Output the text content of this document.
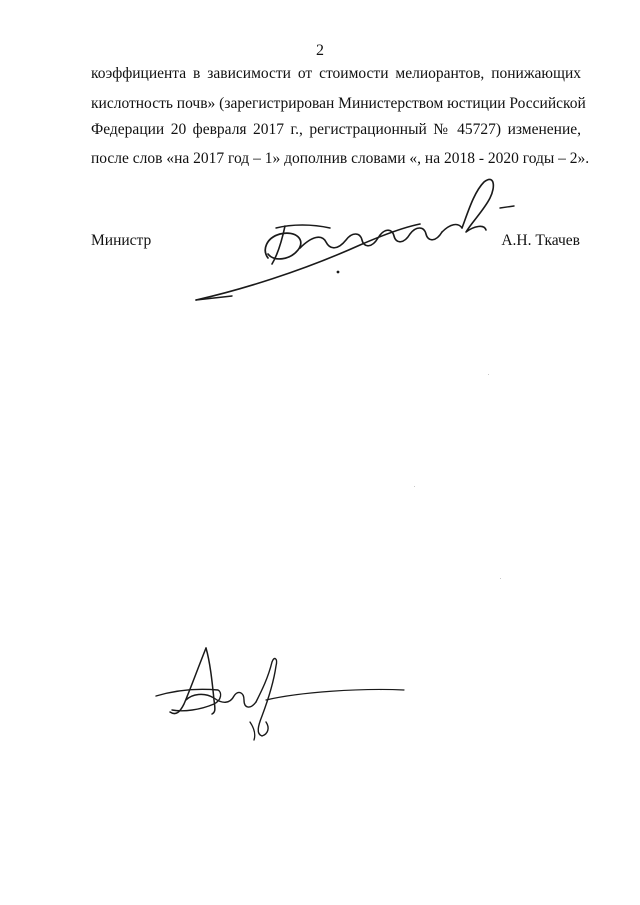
2
коэффициента в зависимости от стоимости мелиорантов, понижающих
кислотность почв» (зарегистрирован Министерством юстиции Российской
Федерации 20 февраля 2017 г., регистрационный № 45727) изменение,
после слов «на 2017 год – 1» дополнив словами «, на 2018 - 2020 годы – 2».
Министр	А.Н. Ткачев
